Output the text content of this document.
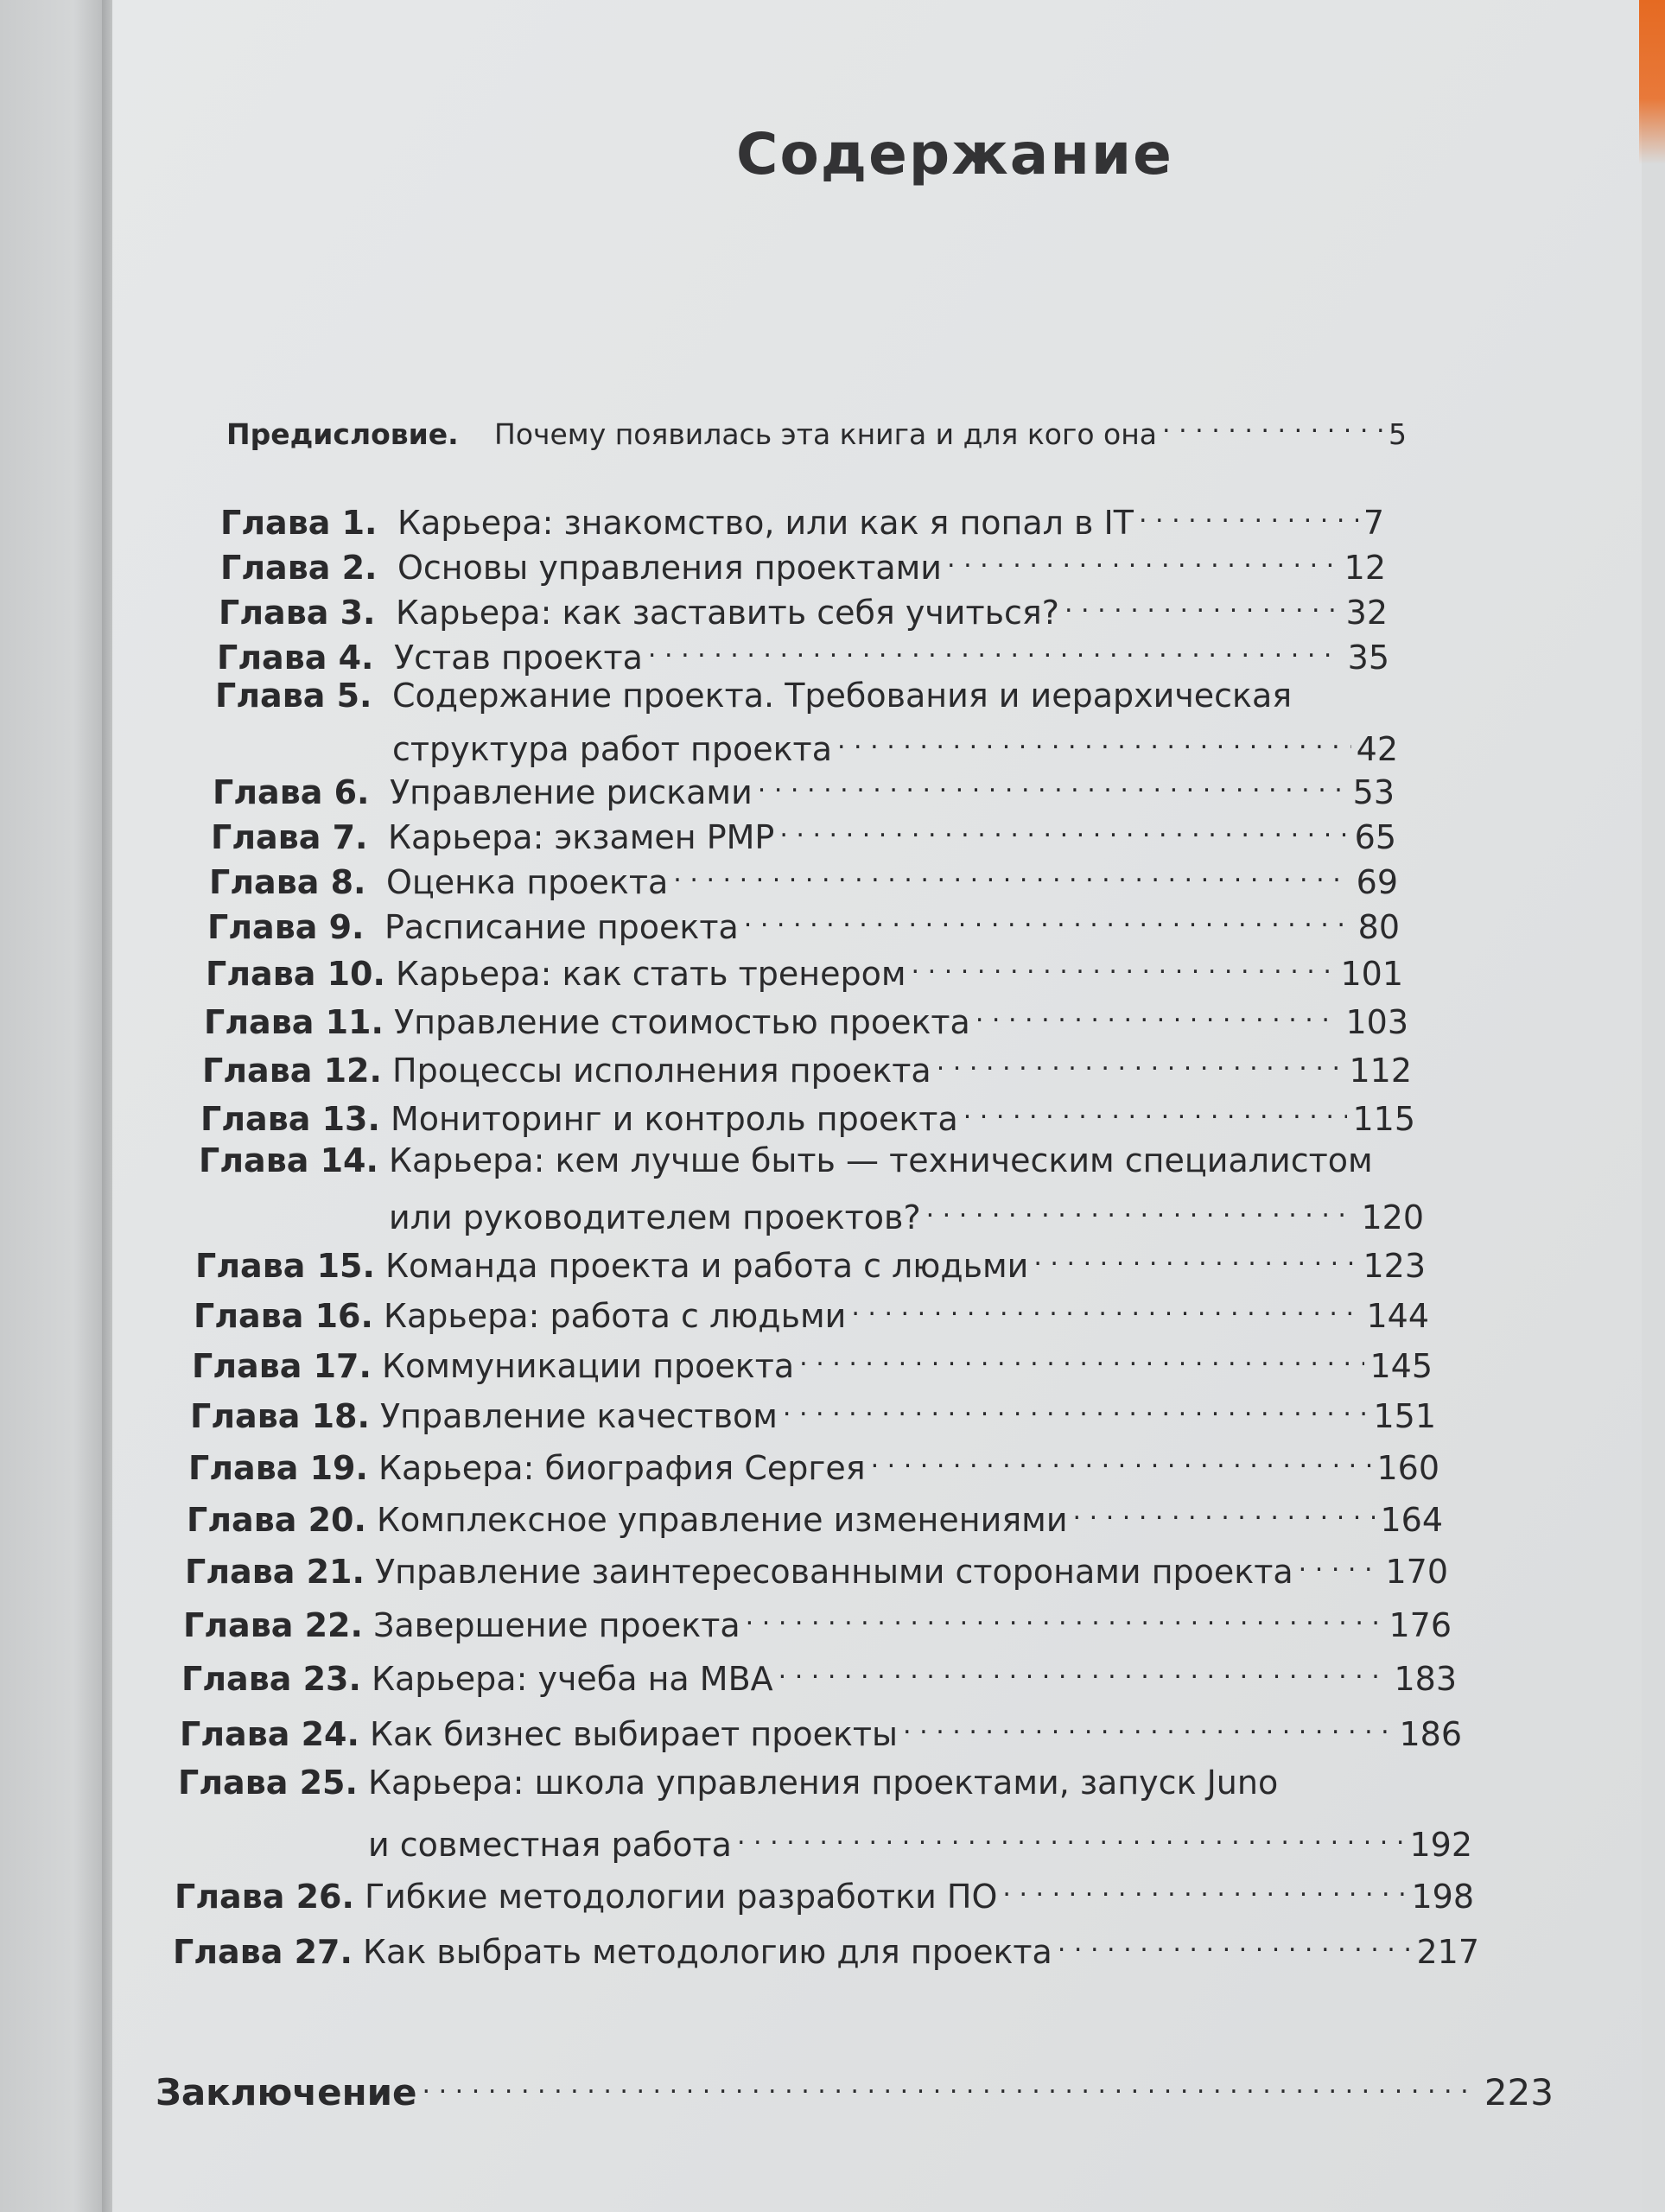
Содержание
Предисловие.	Почему появилась эта книга и для кого она . . .	5
Глава 1. Карьера: знакомство, или как я попал в IT . . .	7
Глава 2. Основы управления проектами . . .	12
Глава 3. Карьера: как заставить себя учиться? . . .	32
Глава 4. Устав проекта . . .	35
Глава 5. Содержание проекта. Требования и иерархическая
структура работ проекта . . .	42
Глава 6. Управление рисками . . .	53
Глава 7. Карьера: экзамен PMP . . .	65
Глава 8. Оценка проекта . . .	69
Глава 9. Расписание проекта . . .	80
Глава 10. Карьера: как стать тренером . . .	101
Глава 11. Управление стоимостью проекта . . .	103
Глава 12. Процессы исполнения проекта . . .	112
Глава 13. Мониторинг и контроль проекта . . .	115
Глава 14. Карьера: кем лучше быть — техническим специалистом
или руководителем проектов? . . .	120
Глава 15. Команда проекта и работа с людьми . . .	123
Глава 16. Карьера: работа с людьми . . .	144
Глава 17. Коммуникации проекта . . .	145
Глава 18. Управление качеством . . .	151
Глава 19. Карьера: биография Сергея . . .	160
Глава 20. Комплексное управление изменениями . . .	164
Глава 21. Управление заинтересованными сторонами проекта . . .	170
Глава 22. Завершение проекта . . .	176
Глава 23. Карьера: учеба на MBA . . .	183
Глава 24. Как бизнес выбирает проекты . . .	186
Глава 25. Карьера: школа управления проектами, запуск Juno
и совместная работа . . .	192
Глава 26. Гибкие методологии разработки ПО . . .	198
Глава 27. Как выбрать методологию для проекта . . .	217
Заключение . . .	223
